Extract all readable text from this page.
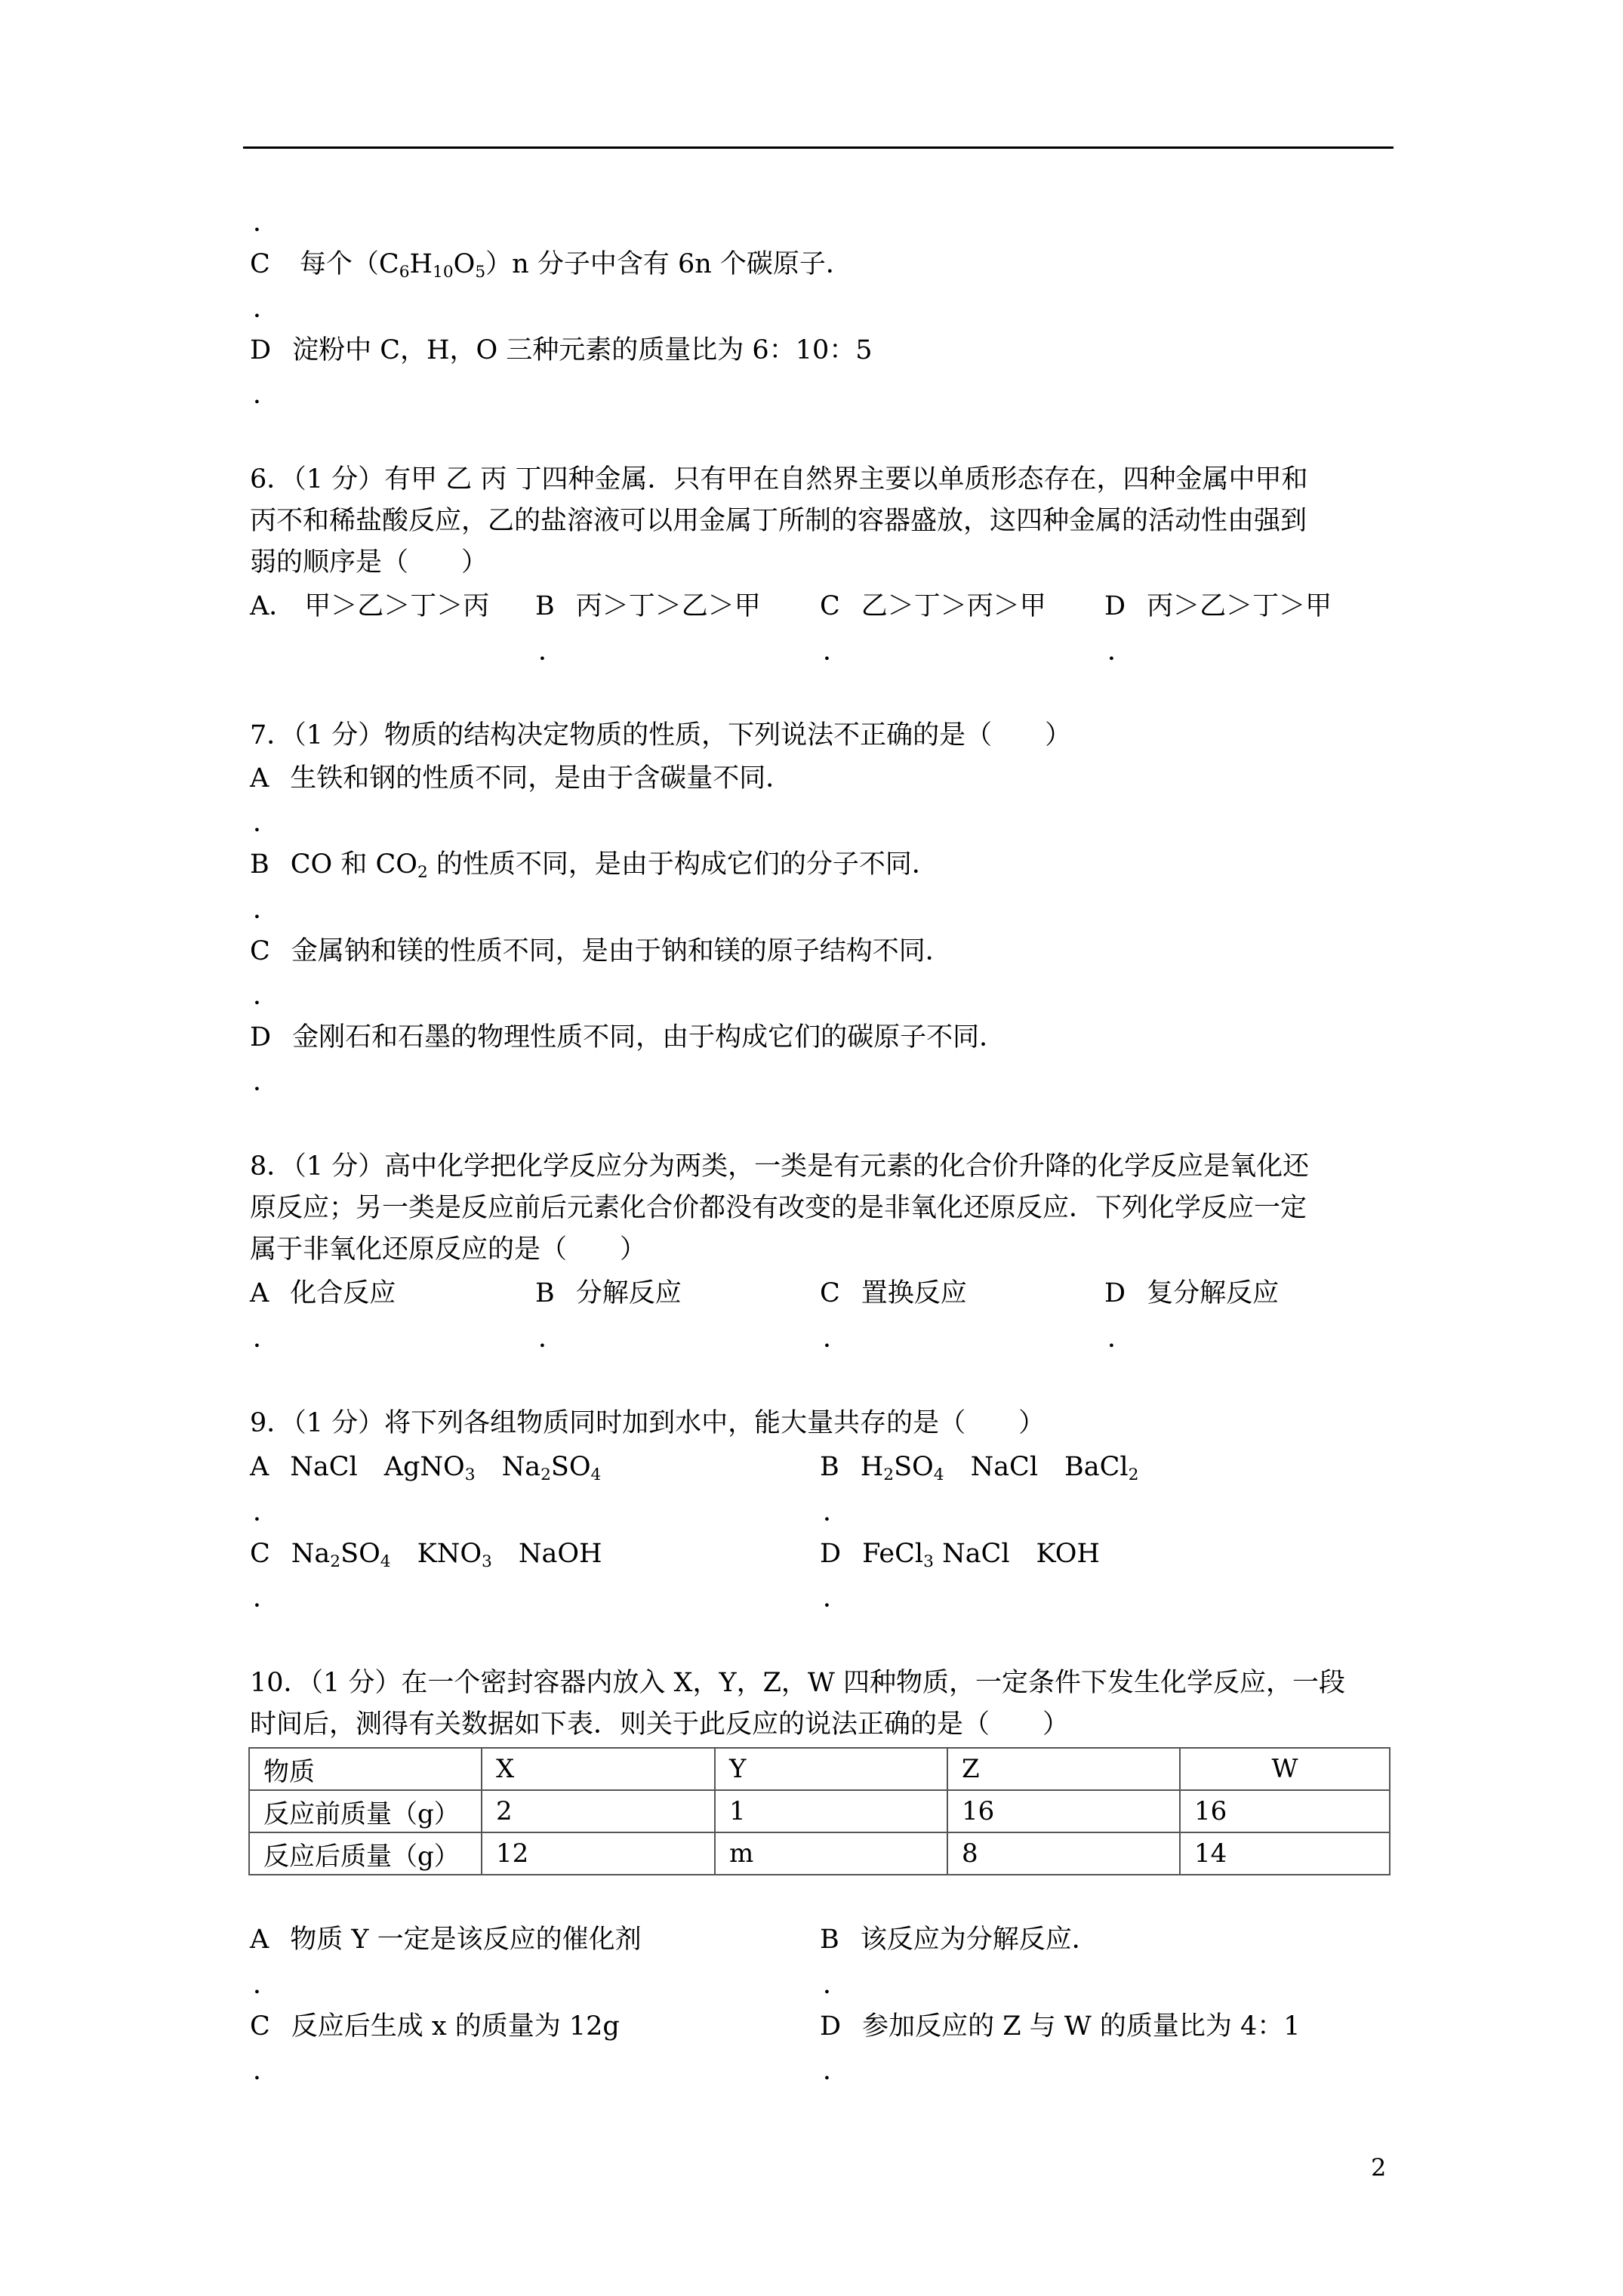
．
C 每个$(C_6H_{10}O_5)n$ 分子中含有 6n 个碳原子．
．
D 淀粉中 C，H，O 三种元素的质量比为 6：10：5
．
6．（1 分）有甲 乙 丙 丁四种金属．只有甲在自然界主要以单质形态存在，四种金属中甲和
丙不和稀盐酸反应，乙的盐溶液可以用金属丁所制的容器盛放，这四种金属的活动性由强到
弱的顺序是（　　）
A． 甲＞乙＞丁＞丙 B 丙＞丁＞乙＞甲 C 乙＞丁＞丙＞甲 D 丙＞乙＞丁＞甲
．	．	．
7．（1 分）物质的结构决定物质的性质，下列说法不正确的是（　　）
A 生铁和钢的性质不同，是由于含碳量不同．
．
B CO 和 $CO_2$ 的性质不同，是由于构成它们的分子不同．
．
C 金属钠和镁的性质不同，是由于钠和镁的原子结构不同．
．
D 金刚石和石墨的物理性质不同，由于构成它们的碳原子不同．
．
8．（1 分）高中化学把化学反应分为两类，一类是有元素的化合价升降的化学反应是氧化还
原反应；另一类是反应前后元素化合价都没有改变的是非氧化还原反应．下列化学反应一定
属于非氧化还原反应的是（　　）
A 化合反应	B 分解反应	C 置换反应	D 复分解反应
．	．	．	．
9．（1 分）将下列各组物质同时加到水中，能大量共存的是（　　）
A NaCl　AgNO$_3$　$Na_2SO_4$	B $H_2SO_4$　NaCl　BaCl$_2$
．	．
C $Na_2SO_4$　$KNO_3$　NaOH	D FeCl$_3$ NaCl　KOH
．	．
10．（1 分）在一个密封容器内放入 X，Y，Z，W 四种物质，一定条件下发生化学反应，一段
时间后，测得有关数据如下表．则关于此反应的说法正确的是（　　）
物质	X	Y	Z	W
反应前质量（g）	2	1	16	16
反应后质量（g）	12	m	8	14
A 物质 Y 一定是该反应的催化剂	B 该反应为分解反应．
．	．
C 反应后生成 x 的质量为 12g	D 参加反应的 Z 与 W 的质量比为 4：1
．	．
2
